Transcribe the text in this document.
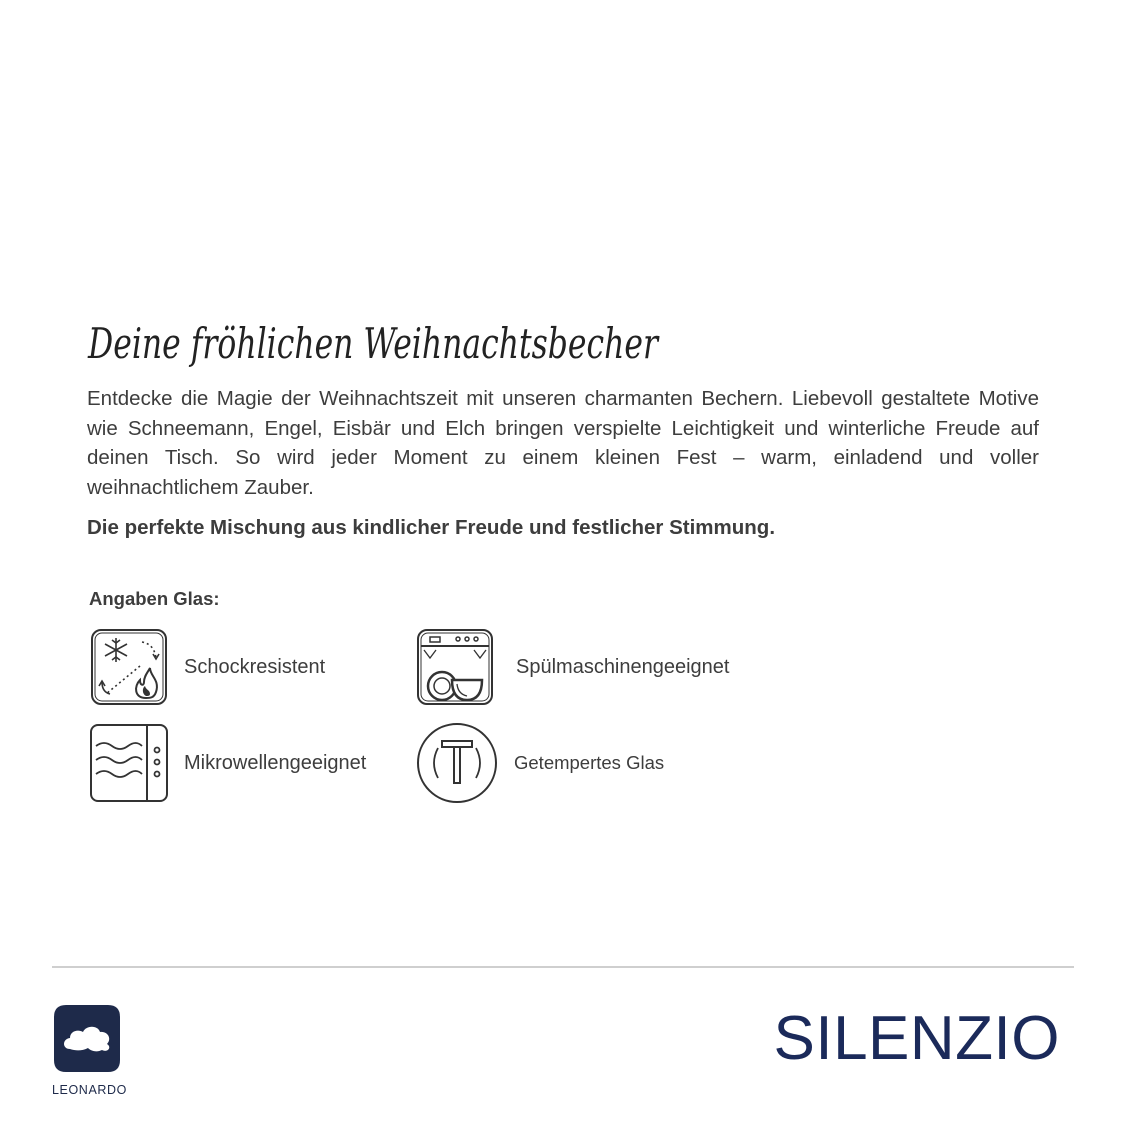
Deine fröhlichen Weihnachtsbecher

Entdecke die Magie der Weihnachtszeit mit unseren charmanten Bechern. Liebevoll gestaltete Motive wie Schneemann, Engel, Eisbär und Elch bringen verspielte Leichtigkeit und winterliche Freude auf deinen Tisch. So wird jeder Moment zu einem kleinen Fest – warm, einladend und voller weihnachtlichem Zauber.

Die perfekte Mischung aus kindlicher Freude und festlicher Stimmung.

Angaben Glas:
Schockresistent	Spülmaschinengeeignet
Mikrowellengeeignet	Getempertes Glas
LEONARDO
SILENZIO
